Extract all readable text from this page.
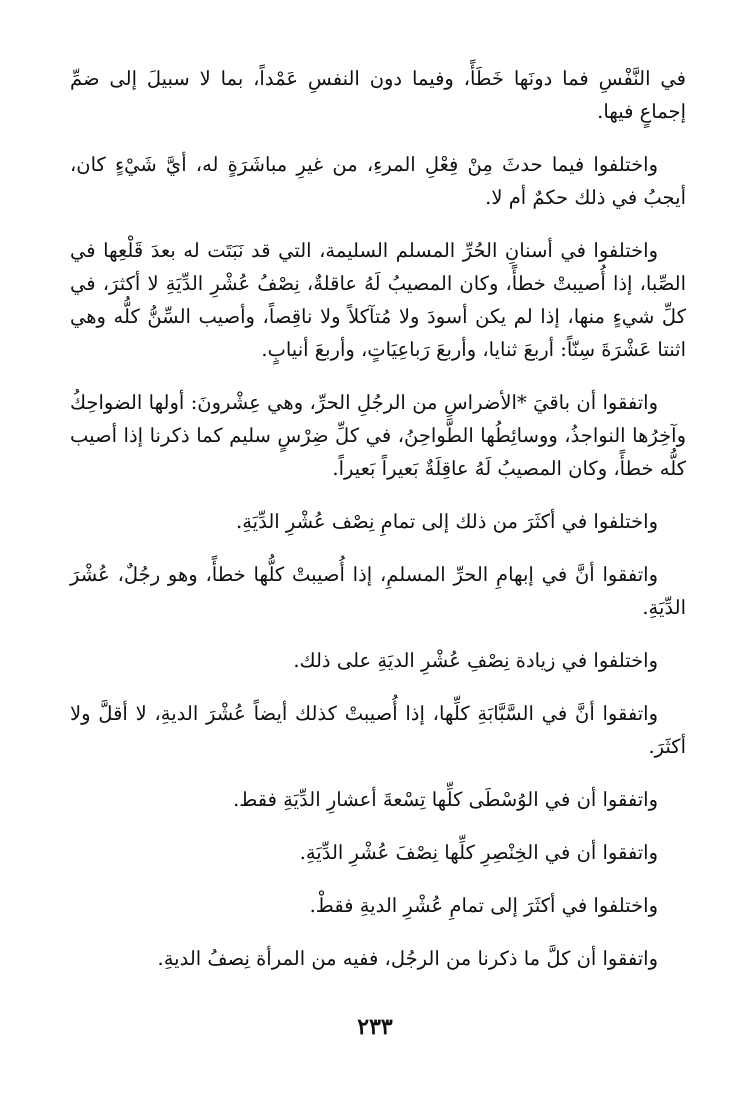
في النَّفْسِ فما دونَها خَطَأً، وفيما دون النفسِ عَمْداً، بما لا سبيلَ إلى ضمِّ إجماعٍ فيها.

واختلفوا فيما حدثَ مِنْ فِعْلِ المرءِ، من غيرِ مباشَرَةٍ له، أيَّ شَيْءٍ كان، أيجبُ في ذلك حكمٌ أم لا.

واختلفوا في أسنانِ الحُرِّ المسلم السليمة، التي قد نَبَتَت له بعدَ قَلْعِها في الصِّبا، إذا أُصيبتْ خطأً، وكان المصيبُ لَهُ عاقلةٌ، نِصْفُ عُشْرِ الدِّيَةِ لا أكثرَ، في كلِّ شيءٍ منها، إذا لم يكن أسودَ ولا مُتآكلاً ولا ناقِصاً، وأصيب السِّنُّ كلُّه وهي اثنتا عَشْرَةَ سِنّاً: أربعَ ثنايا، وأربعَ رَباعِيَاتٍ، وأربعَ أنيابٍ.

واتفقوا أن باقيَ *الأضراسِ من الرجُلِ الحرِّ، وهي عِشْرونَ: أولها الضواحِكُ وآخِرُها النواجذُ، ووسائِطُها الطَّواحِنُ، في كلِّ ضِرْسٍ سليم كما ذكرنا إذا أصيب كلُّه خطأً، وكان المصيبُ لَهُ عاقِلَةٌ بَعيراً بَعيراً.

واختلفوا في أكثَرَ من ذلك إلى تمامِ نِصْف عُشْرِ الدِّيَةِ.

واتفقوا أنَّ في إبهامِ الحرِّ المسلمِ، إذا أُصيبتْ كلُّها خطأً، وهو رجُلٌ، عُشْرَ الدِّيَةِ.

واختلفوا في زيادة نِصْفِ عُشْرِ الديَةِ على ذلك.

واتفقوا أنَّ في السَّبَّابَةِ كلِّها، إذا أُصيبتْ كذلك أيضاً عُشْرَ الديةِ، لا أقلَّ ولا أكثَرَ.

واتفقوا أن في الوُسْطَى كلِّها تِسْعةَ أعشارِ الدِّيَةِ فقط.

واتفقوا أن في الخِنْصِرِ كلِّها نِصْفَ عُشْرِ الدِّيَةِ.

واختلفوا في أكثَرَ إلى تمامِ عُشْرِ الديةِ فقطْ.

واتفقوا أن كلَّ ما ذكرنا من الرجُل، ففيه من المرأة نِصفُ الديةِ.

٢٣٣
